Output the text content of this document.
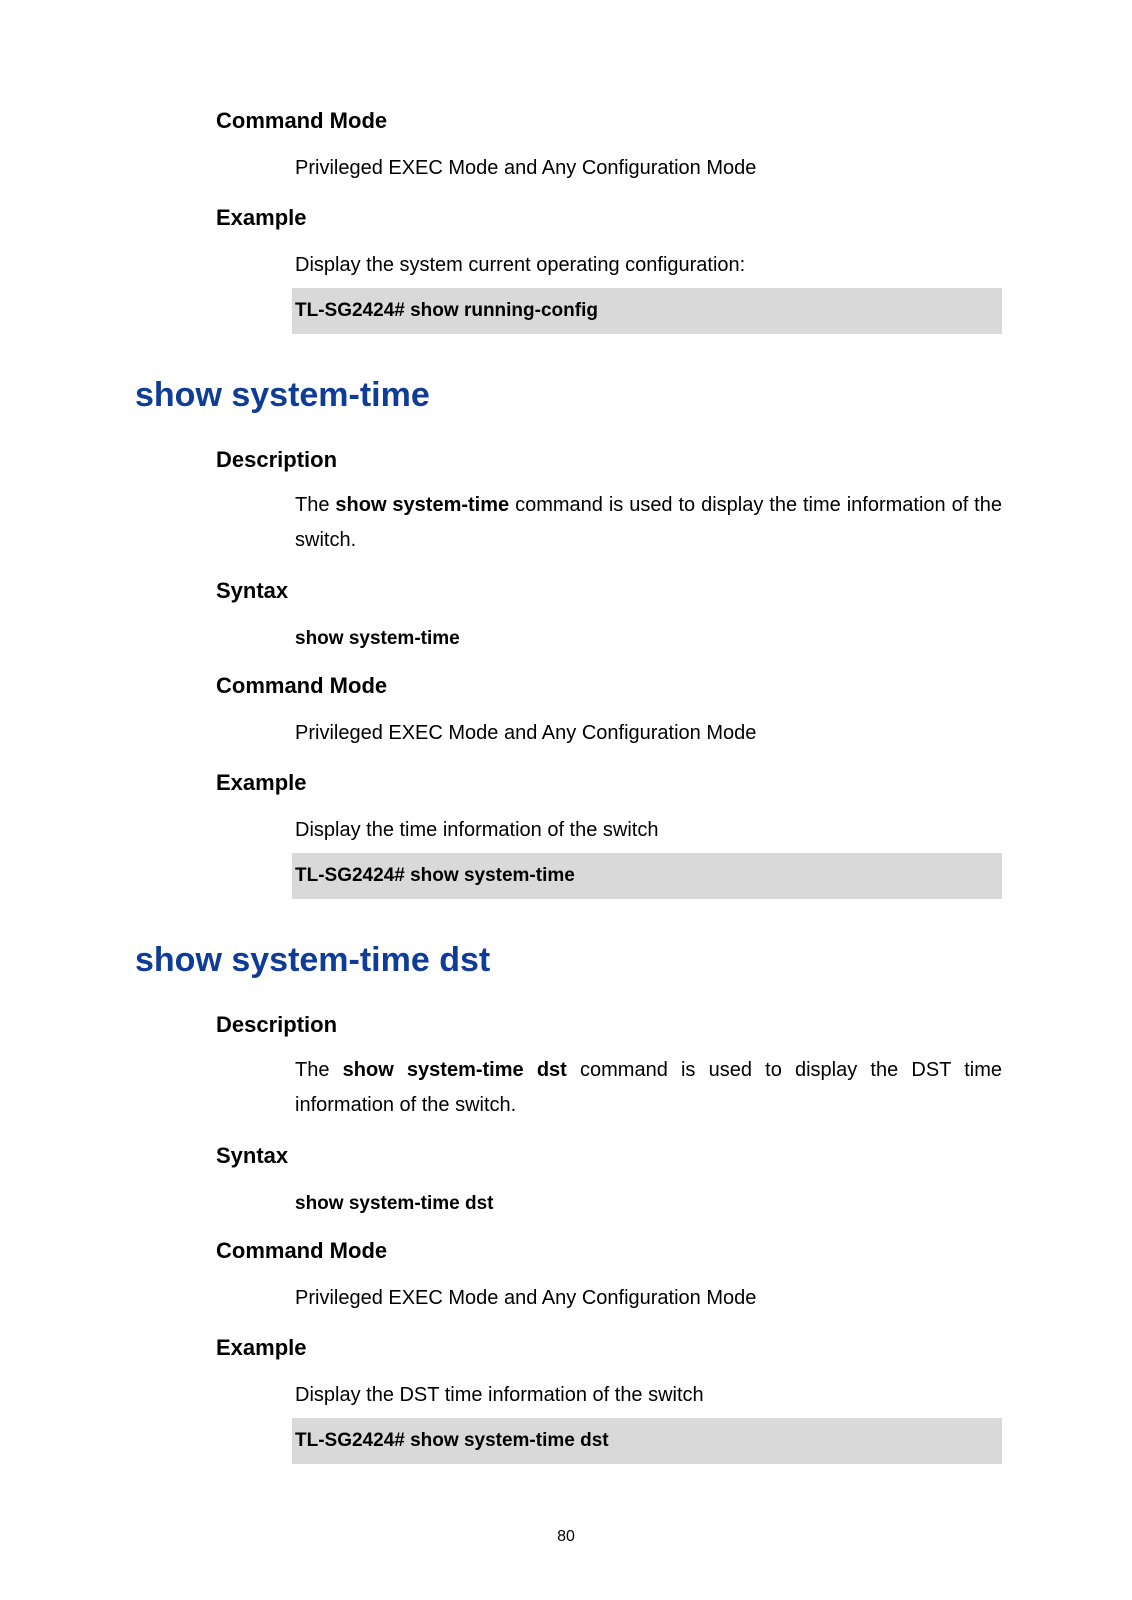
Command Mode
Privileged EXEC Mode and Any Configuration Mode
Example
Display the system current operating configuration:
TL-SG2424# show running-config
show system-time
Description
The show system-time command is used to display the time information of the switch.
Syntax
show system-time
Command Mode
Privileged EXEC Mode and Any Configuration Mode
Example
Display the time information of the switch
TL-SG2424# show system-time
show system-time dst
Description
The show system-time dst command is used to display the DST time information of the switch.
Syntax
show system-time dst
Command Mode
Privileged EXEC Mode and Any Configuration Mode
Example
Display the DST time information of the switch
TL-SG2424# show system-time dst
80
